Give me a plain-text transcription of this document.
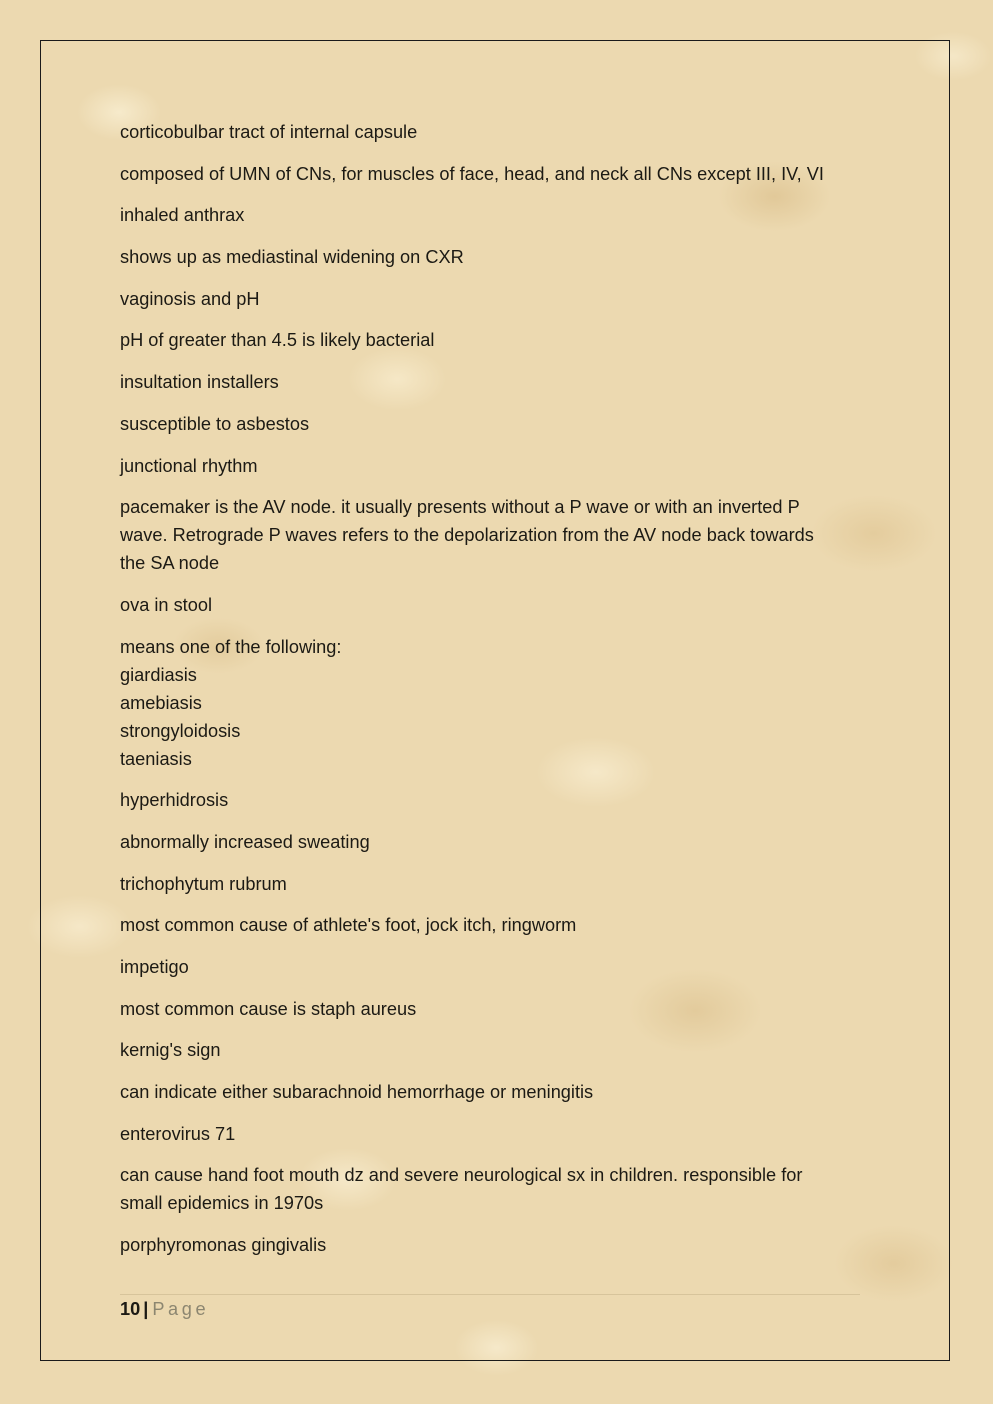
corticobulbar tract of internal capsule

composed of UMN of CNs, for muscles of face, head, and neck all CNs except III, IV, VI

inhaled anthrax

shows up as mediastinal widening on CXR

vaginosis and pH

pH of greater than 4.5 is likely bacterial

insultation installers

susceptible to asbestos

junctional rhythm

pacemaker is the AV node. it usually presents without a P wave or with an inverted P
wave. Retrograde P waves refers to the depolarization from the AV node back towards
the SA node

ova in stool

means one of the following:
giardiasis
amebiasis
strongyloidosis
taeniasis

hyperhidrosis

abnormally increased sweating

trichophytum rubrum

most common cause of athlete's foot, jock itch, ringworm

impetigo

most common cause is staph aureus

kernig's sign

can indicate either subarachnoid hemorrhage or meningitis

enterovirus 71

can cause hand foot mouth dz and severe neurological sx in children. responsible for
small epidemics in 1970s

porphyromonas gingivalis

10 | Page
